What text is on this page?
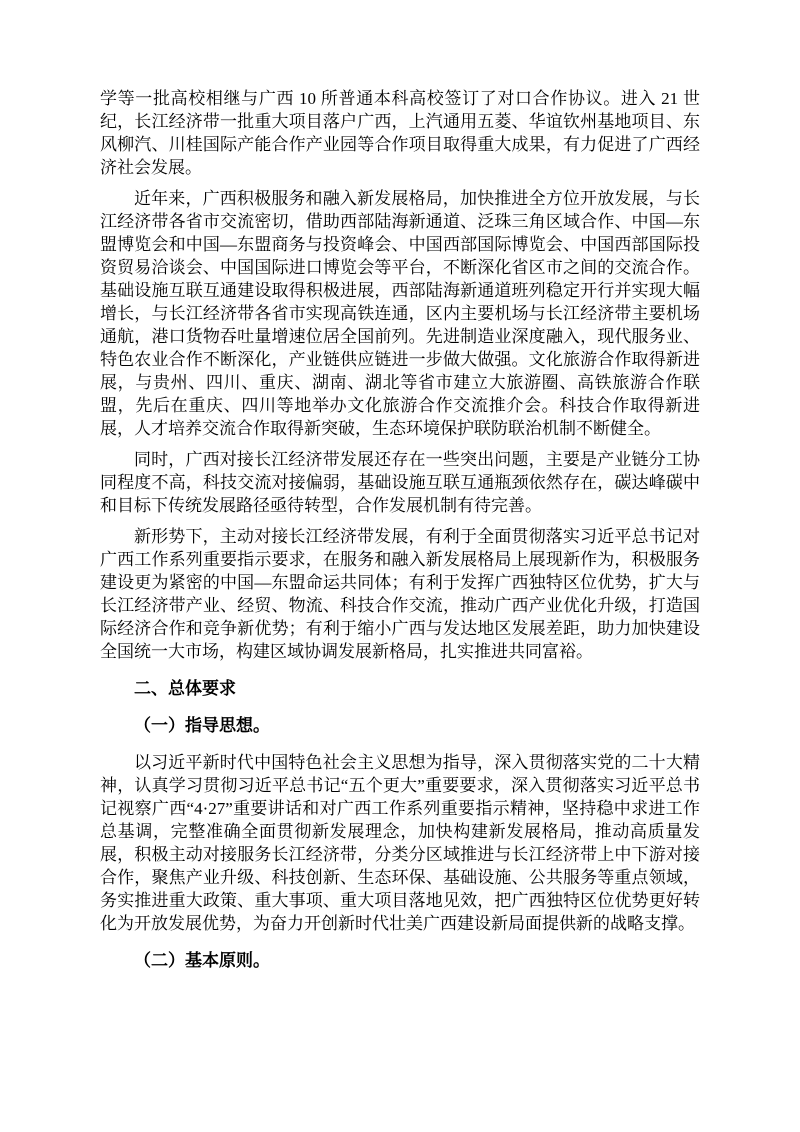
学等一批高校相继与广西 10 所普通本科高校签订了对口合作协议。进入 21 世纪，长江经济带一批重大项目落户广西，上汽通用五菱、华谊钦州基地项目、东风柳汽、川桂国际产能合作产业园等合作项目取得重大成果，有力促进了广西经济社会发展。

近年来，广西积极服务和融入新发展格局，加快推进全方位开放发展，与长江经济带各省市交流密切，借助西部陆海新通道、泛珠三角区域合作、中国—东盟博览会和中国—东盟商务与投资峰会、中国西部国际博览会、中国西部国际投资贸易洽谈会、中国国际进口博览会等平台，不断深化省区市之间的交流合作。基础设施互联互通建设取得积极进展，西部陆海新通道班列稳定开行并实现大幅增长，与长江经济带各省市实现高铁连通，区内主要机场与长江经济带主要机场通航，港口货物吞吐量增速位居全国前列。先进制造业深度融入，现代服务业、特色农业合作不断深化，产业链供应链进一步做大做强。文化旅游合作取得新进展，与贵州、四川、重庆、湖南、湖北等省市建立大旅游圈、高铁旅游合作联盟，先后在重庆、四川等地举办文化旅游合作交流推介会。科技合作取得新进展，人才培养交流合作取得新突破，生态环境保护联防联治机制不断健全。

同时，广西对接长江经济带发展还存在一些突出问题，主要是产业链分工协同程度不高，科技交流对接偏弱，基础设施互联互通瓶颈依然存在，碳达峰碳中和目标下传统发展路径亟待转型，合作发展机制有待完善。

新形势下，主动对接长江经济带发展，有利于全面贯彻落实习近平总书记对广西工作系列重要指示要求，在服务和融入新发展格局上展现新作为，积极服务建设更为紧密的中国—东盟命运共同体；有利于发挥广西独特区位优势，扩大与长江经济带产业、经贸、物流、科技合作交流，推动广西产业优化升级，打造国际经济合作和竞争新优势；有利于缩小广西与发达地区发展差距，助力加快建设全国统一大市场，构建区域协调发展新格局，扎实推进共同富裕。

二、总体要求
（一）指导思想。

以习近平新时代中国特色社会主义思想为指导，深入贯彻落实党的二十大精神，认真学习贯彻习近平总书记“五个更大”重要要求，深入贯彻落实习近平总书记视察广西“4·27”重要讲话和对广西工作系列重要指示精神，坚持稳中求进工作总基调，完整准确全面贯彻新发展理念，加快构建新发展格局，推动高质量发展，积极主动对接服务长江经济带，分类分区域推进与长江经济带上中下游对接合作，聚焦产业升级、科技创新、生态环保、基础设施、公共服务等重点领域，务实推进重大政策、重大事项、重大项目落地见效，把广西独特区位优势更好转化为开放发展优势，为奋力开创新时代壮美广西建设新局面提供新的战略支撑。

（二）基本原则。
